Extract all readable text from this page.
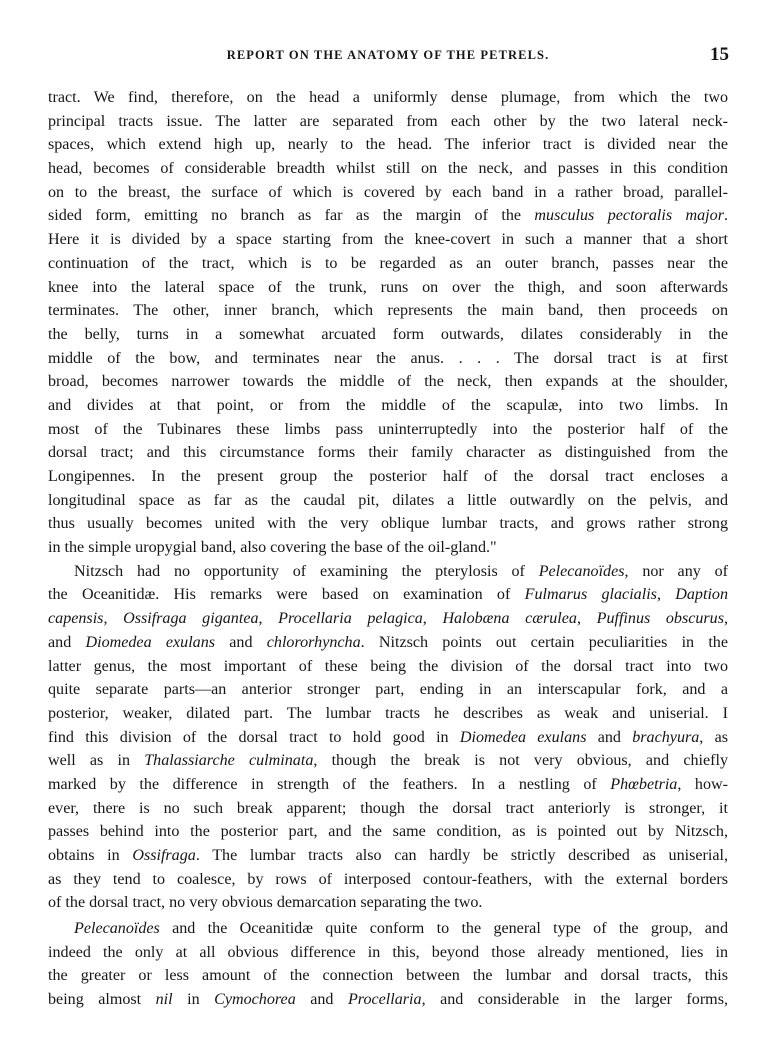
REPORT ON THE ANATOMY OF THE PETRELS.	15
tract. We find, therefore, on the head a uniformly dense plumage, from which the two
principal tracts issue. The latter are separated from each other by the two lateral neck-
spaces, which extend high up, nearly to the head. The inferior tract is divided near the
head, becomes of considerable breadth whilst still on the neck, and passes in this condition
on to the breast, the surface of which is covered by each band in a rather broad, parallel-
sided form, emitting no branch as far as the margin of the musculus pectoralis major.
Here it is divided by a space starting from the knee-covert in such a manner that a short
continuation of the tract, which is to be regarded as an outer branch, passes near the
knee into the lateral space of the trunk, runs on over the thigh, and soon afterwards
terminates. The other, inner branch, which represents the main band, then proceeds on
the belly, turns in a somewhat arcuated form outwards, dilates considerably in the
middle of the bow, and terminates near the anus. . . . The dorsal tract is at first
broad, becomes narrower towards the middle of the neck, then expands at the shoulder,
and divides at that point, or from the middle of the scapulæ, into two limbs. In
most of the Tubinares these limbs pass uninterruptedly into the posterior half of the
dorsal tract; and this circumstance forms their family character as distinguished from the
Longipennes. In the present group the posterior half of the dorsal tract encloses a
longitudinal space as far as the caudal pit, dilates a little outwardly on the pelvis, and
thus usually becomes united with the very oblique lumbar tracts, and grows rather strong
in the simple uropygial band, also covering the base of the oil-gland."
Nitzsch had no opportunity of examining the pterylosis of Pelecanoïdes, nor any of
the Oceanitidæ. His remarks were based on examination of Fulmarus glacialis, Daption
capensis, Ossifraga gigantea, Procellaria pelagica, Halobæna cærulea, Puffinus obscurus,
and Diomedea exulans and chlororhyncha. Nitzsch points out certain peculiarities in the
latter genus, the most important of these being the division of the dorsal tract into two
quite separate parts—an anterior stronger part, ending in an interscapular fork, and a
posterior, weaker, dilated part. The lumbar tracts he describes as weak and uniserial. I
find this division of the dorsal tract to hold good in Diomedea exulans and brachyura, as
well as in Thalassiarche culminata, though the break is not very obvious, and chiefly
marked by the difference in strength of the feathers. In a nestling of Phœbetria, how-
ever, there is no such break apparent; though the dorsal tract anteriorly is stronger, it
passes behind into the posterior part, and the same condition, as is pointed out by Nitzsch,
obtains in Ossifraga. The lumbar tracts also can hardly be strictly described as uniserial,
as they tend to coalesce, by rows of interposed contour-feathers, with the external borders
of the dorsal tract, no very obvious demarcation separating the two.
Pelecanoïdes and the Oceanitidæ quite conform to the general type of the group, and
indeed the only at all obvious difference in this, beyond those already mentioned, lies in
the greater or less amount of the connection between the lumbar and dorsal tracts, this
being almost nil in Cymochorea and Procellaria, and considerable in the larger forms,
